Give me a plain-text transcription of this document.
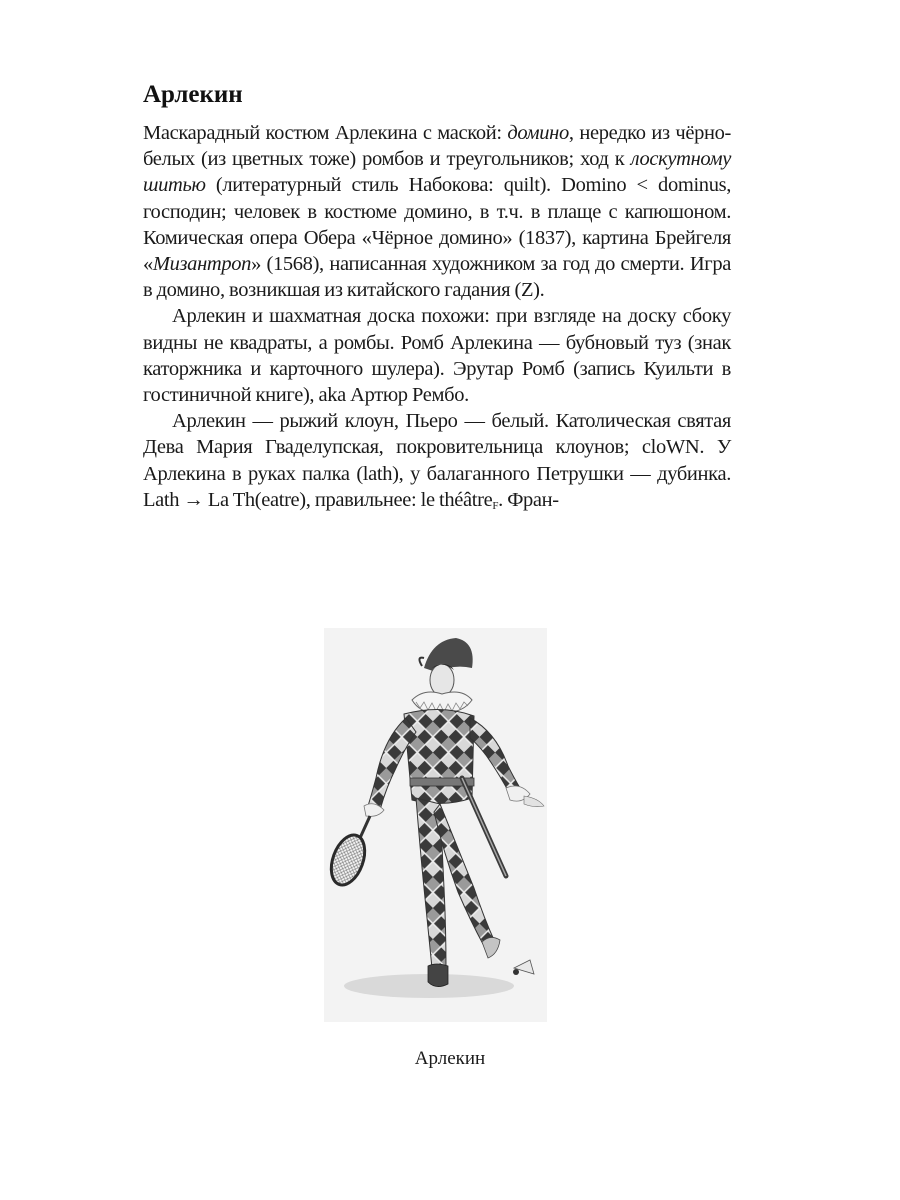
Арлекин

Маскарадный костюм Арлекина с маской: домино, нередко из чёрно-белых (из цветных тоже) ромбов и треугольников; ход к лоскутному шитью (литературный стиль Набокова: quilt). Domino < dominus, господин; человек в костюме домино, в т.ч. в плаще с капюшоном. Комическая опера Обера «Чёрное домино» (1837), картина Брейгеля «Мизантроп» (1568), написанная художником за год до смерти. Игра в домино, возникшая из китайского гадания (Z).

Арлекин и шахматная доска похожи: при взгляде на доску сбоку видны не квадраты, а ромбы. Ромб Арлекина — бубновый туз (знак каторжника и карточного шулера). Эрутар Ромб (запись Куильти в гостиничной книге), aka Артюр Рембо.

Арлекин — рыжий клоун, Пьеро — белый. Католическая святая Дева Мария Гваделупская, покровительница клоунов; cloWN. У Арлекина в руках палка (lath), у балаганного Петрушки — дубинка. Lath → La Th(eatre), правильнее: le théâtre$_F$. Фран-

Арлекин
